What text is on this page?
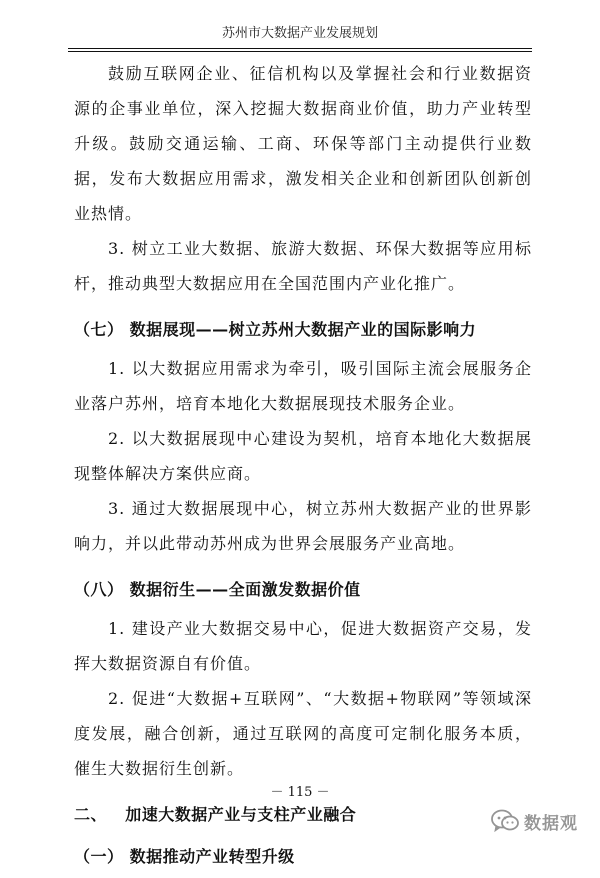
苏州市大数据产业发展规划

鼓励互联网企业、征信机构以及掌握社会和行业数据资源的企事业单位，深入挖掘大数据商业价值，助力产业转型升级。鼓励交通运输、工商、环保等部门主动提供行业数据，发布大数据应用需求，激发相关企业和创新团队创新创业热情。

3. 树立工业大数据、旅游大数据、环保大数据等应用标杆，推动典型大数据应用在全国范围内产业化推广。

（七） 数据展现——树立苏州大数据产业的国际影响力

1. 以大数据应用需求为牵引，吸引国际主流会展服务企业落户苏州，培育本地化大数据展现技术服务企业。

2. 以大数据展现中心建设为契机，培育本地化大数据展现整体解决方案供应商。

3. 通过大数据展现中心，树立苏州大数据产业的世界影响力，并以此带动苏州成为世界会展服务产业高地。

（八） 数据衍生——全面激发数据价值

1. 建设产业大数据交易中心，促进大数据资产交易，发挥大数据资源自有价值。

2. 促进“大数据+互联网”、“大数据+物联网”等领域深度发展，融合创新，通过互联网的高度可定制化服务本质，催生大数据衍生创新。

二、   加速大数据产业与支柱产业融合
（一） 数据推动产业转型升级
－ 115 －
数据观
